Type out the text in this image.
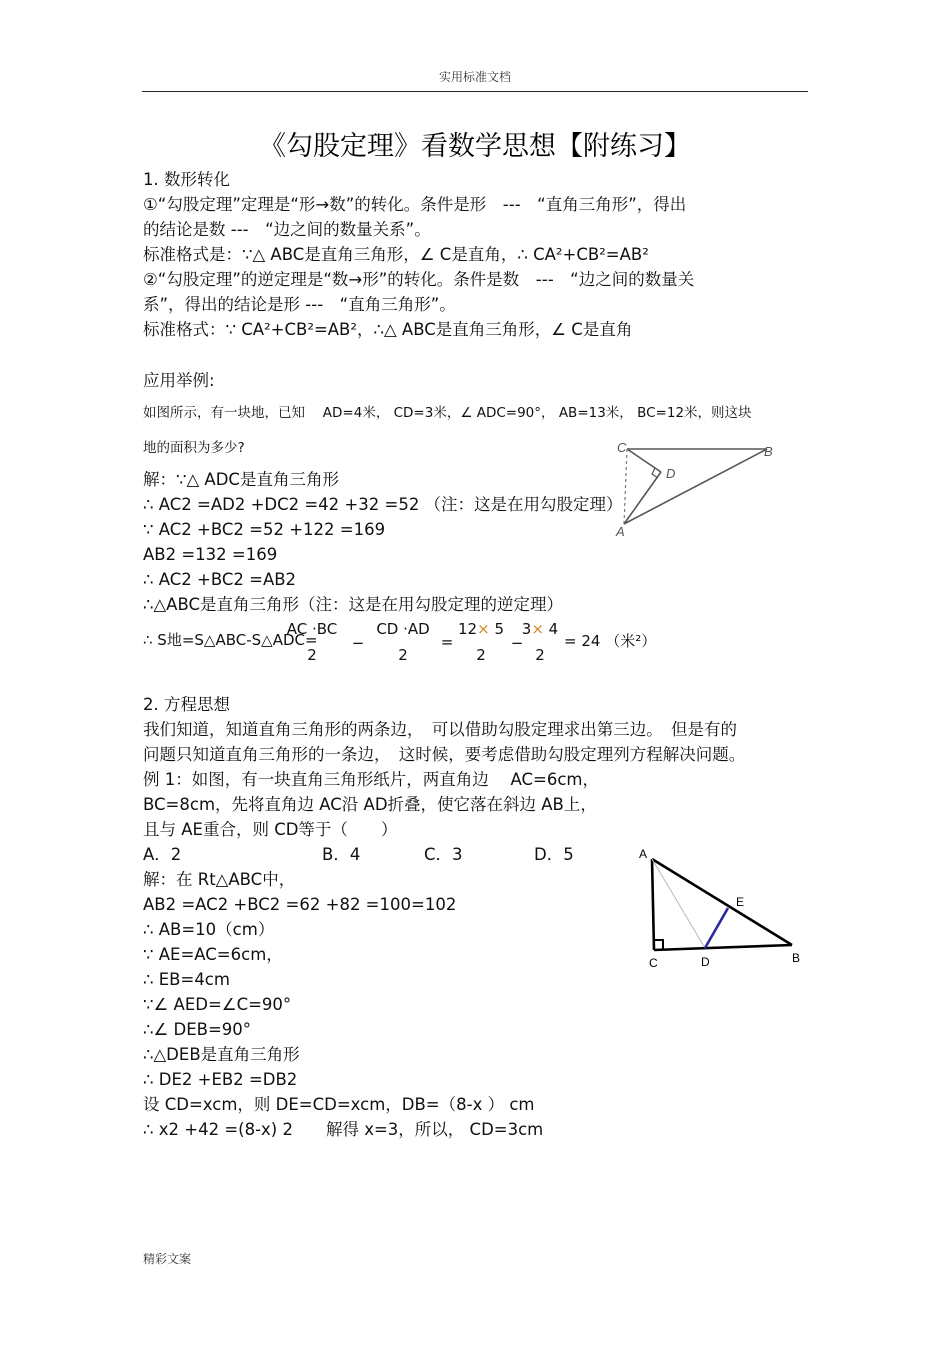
实用标准文档
《勾股定理》看数学思想【附练习】
1. 数形转化
①“勾股定理”定理是“形→数”的转化。条件是形　---　“直角三角形”，得出
的结论是数 ---　“边之间的数量关系”。
标准格式是：∵△ ABC是直角三角形，∠ C是直角，∴ CA²+CB²=AB²
②“勾股定理”的逆定理是“数→形”的转化。条件是数　---　“边之间的数量关
系”，得出的结论是形 ---　“直角三角形”。
标准格式：∵ CA²+CB²=AB²，∴△ ABC是直角三角形，∠ C是直角
应用举例:
如图所示，有一块地，已知　 AD=4米， CD=3米，∠ ADC=90°， AB=13米， BC=12米，则这块
地的面积为多少?
解：∵△ ADC是直角三角形
∴ AC2 =AD2 +DC2 =42 +32 =52 （注：这是在用勾股定理）
∵ AC2 +BC2 =52 +122 =169
AB2 =132 =169
∴ AC2 +BC2 =AB2
∴△ABC是直角三角形（注：这是在用勾股定理的逆定理）
∴ S地=S△ABC-S△ADC=
AC ·BC
2
−
CD ·AD
2
=
12× 5
2
−
3× 4
2
= 24 （米²）
C	B
D
A
2. 方程思想
我们知道，知道直角三角形的两条边，　可以借助勾股定理求出第三边。　但是有的
问题只知道直角三角形的一条边，　这时候，要考虑借助勾股定理列方程解决问题。
例 1：如图，有一块直角三角形纸片，两直角边　 AC=6cm，
BC=8cm，先将直角边 AC沿 AD折叠，使它落在斜边 AB上，
且与 AE重合，则 CD等于（　　）
A．2	B．4	C．3	D．5
解：在 Rt△ABC中，
AB2 =AC2 +BC2 =62 +82 =100=102
∴ AB=10（cm）
∵ AE=AC=6cm，
∴ EB=4cm
∵∠ AED=∠C=90°
∴∠ DEB=90°
∴△DEB是直角三角形
∴ DE2 +EB2 =DB2
设 CD=xcm，则 DE=CD=xcm，DB=（8-x ） cm
∴ x2 +42 =(8-x) 2　　解得 x=3，所以， CD=3cm
A
E
C	D	B
精彩文案
